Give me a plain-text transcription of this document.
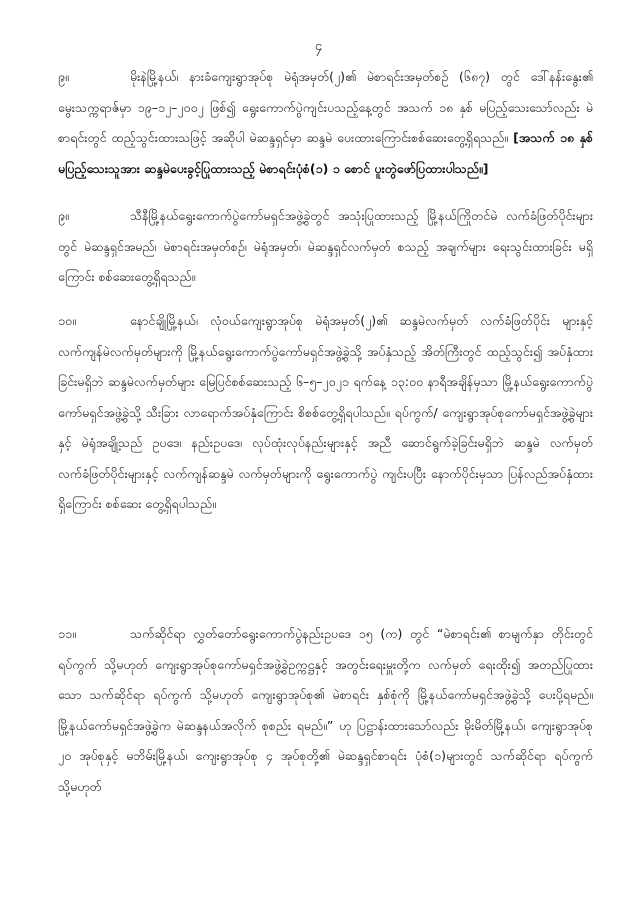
၄

၉။	မိုးနဲမြို့နယ်၊ နားခံကျေးရွာအုပ်စု မဲရုံအမှတ်(၂)၏ မဲစာရင်းအမှတ်စဉ် (၆၈၇) တွင် ဒေါ်နန်းနွေး၏ မွေးသက္ကရာဇ်မှာ ၁၉–၁၂–၂၀၀၂ ဖြစ်၍ ရွေးကောက်ပွဲကျင်းပသည့်နေ့တွင် အသက် ၁၈ နှစ် မပြည့်သေးသော်လည်း မဲစာရင်းတွင် ထည့်သွင်းထားသဖြင့် အဆိုပါ မဲဆန္ဒရှင်မှာ ဆန္ဒမဲ ပေးထားကြောင်းစစ်ဆေးတွေ့ရှိရသည်။ [အသက် ၁၈ နှစ် မပြည့်သေးသူအား ဆန္ဒမဲပေးခွင့်ပြုထားသည့် မဲစာရင်းပုံစံ(၁) ၁ စောင် ပူးတွဲဖော်ပြထားပါသည်။]

၉။	သီနီမြို့နယ်ရွေးကောက်ပွဲကော်မရှင်အဖွဲ့ခွဲတွင် အသုံးပြုထားသည့် မြို့နယ်ကြိုတင်မဲ လက်ခံဖြတ်ပိုင်းများတွင် မဲဆန္ဒရှင်အမည်၊ မဲစာရင်းအမှတ်စဉ်၊ မဲရုံအမှတ်၊ မဲဆန္ဒရှင်လက်မှတ် စသည့် အချက်များ ရေးသွင်းထားခြင်း မရှိကြောင်း စစ်ဆေးတွေ့ရှိရသည်။

၁၀။	နောင်ချိုမြို့နယ်၊ လုံဝယ်ကျေးရွာအုပ်စု မဲရုံအမှတ်(၂)၏ ဆန္ဒမဲလက်မှတ် လက်ခံဖြတ်ပိုင်း များနှင့် လက်ကျန်မဲလက်မှတ်များကို မြို့နယ်ရွေးကောက်ပွဲကော်မရှင်အဖွဲ့ခွဲသို့ အပ်နှံသည့် အိတ်ကြီးတွင် ထည့်သွင်း၍ အပ်နှံထားခြင်းမရှိဘဲ ဆန္ဒမဲလက်မှတ်များ မြေပြင်စစ်ဆေးသည့် ၆–၅–၂၀၂၁ ရက်နေ့ ၁၃:၀၀ နာရီအချိန်မှသာ မြို့နယ်ရွေးကောက်ပွဲ ကော်မရှင်အဖွဲ့ခွဲသို့ သီးခြား လာရောက်အပ်နှံကြောင်း စိစစ်တွေ့ရှိရပါသည်။ ရပ်ကွက်/ ကျေးရွာအုပ်စုကော်မရှင်အဖွဲ့ခွဲများနှင့် မဲရုံအချို့သည် ဥပဒေ၊ နည်းဥပဒေ၊ လုပ်ထုံးလုပ်နည်းများနှင့် အညီ ဆောင်ရွက်ခဲ့ခြင်းမရှိဘဲ ဆန္ဒမဲ လက်မှတ်လက်ခံဖြတ်ပိုင်းများနှင့် လက်ကျန်ဆန္ဒမဲ လက်မှတ်များကို ရွေးကောက်ပွဲ ကျင်းပပြီး နောက်ပိုင်းမှသာ ပြန်လည်အပ်နှံထားရှိကြောင်း စစ်ဆေး တွေ့ရှိရပါသည်။

၁၁။	သက်ဆိုင်ရာ လွှတ်တော်ရွေးကောက်ပွဲနည်းဥပဒေ ၁၅ (က) တွင် “မဲစာရင်း၏ စာမျက်နှာ တိုင်းတွင် ရပ်ကွက် သို့မဟုတ် ကျေးရွာအုပ်စုကော်မရှင်အဖွဲ့ခွဲဥက္ကဋ္ဌနှင့် အတွင်းရေးမှူးတို့က လက်မှတ် ရေးထိုး၍ အတည်ပြုထားသော သက်ဆိုင်ရာ ရပ်ကွက် သို့မဟုတ် ကျေးရွာအုပ်စု၏ မဲစာရင်း နှစ်စုံကို မြို့နယ်ကော်မရှင်အဖွဲ့ခွဲသို့ ပေးပို့ရမည်။ မြို့နယ်ကော်မရှင်အဖွဲ့ခွဲက မဲဆန္ဒနယ်အလိုက် စုစည်း ရမည်။” ဟု ပြဋ္ဌာန်းထားသော်လည်း မိုးမိတ်မြို့နယ်၊ ကျေးရွာအုပ်စု ၂၀ အုပ်စုနှင့် မဘိမ်းမြို့နယ်၊ ကျေးရွာအုပ်စု ၄ အုပ်စုတို့၏ မဲဆန္ဒရှင်စာရင်း ပုံစံ(၁)များတွင် သက်ဆိုင်ရာ ရပ်ကွက် သို့မဟုတ်
